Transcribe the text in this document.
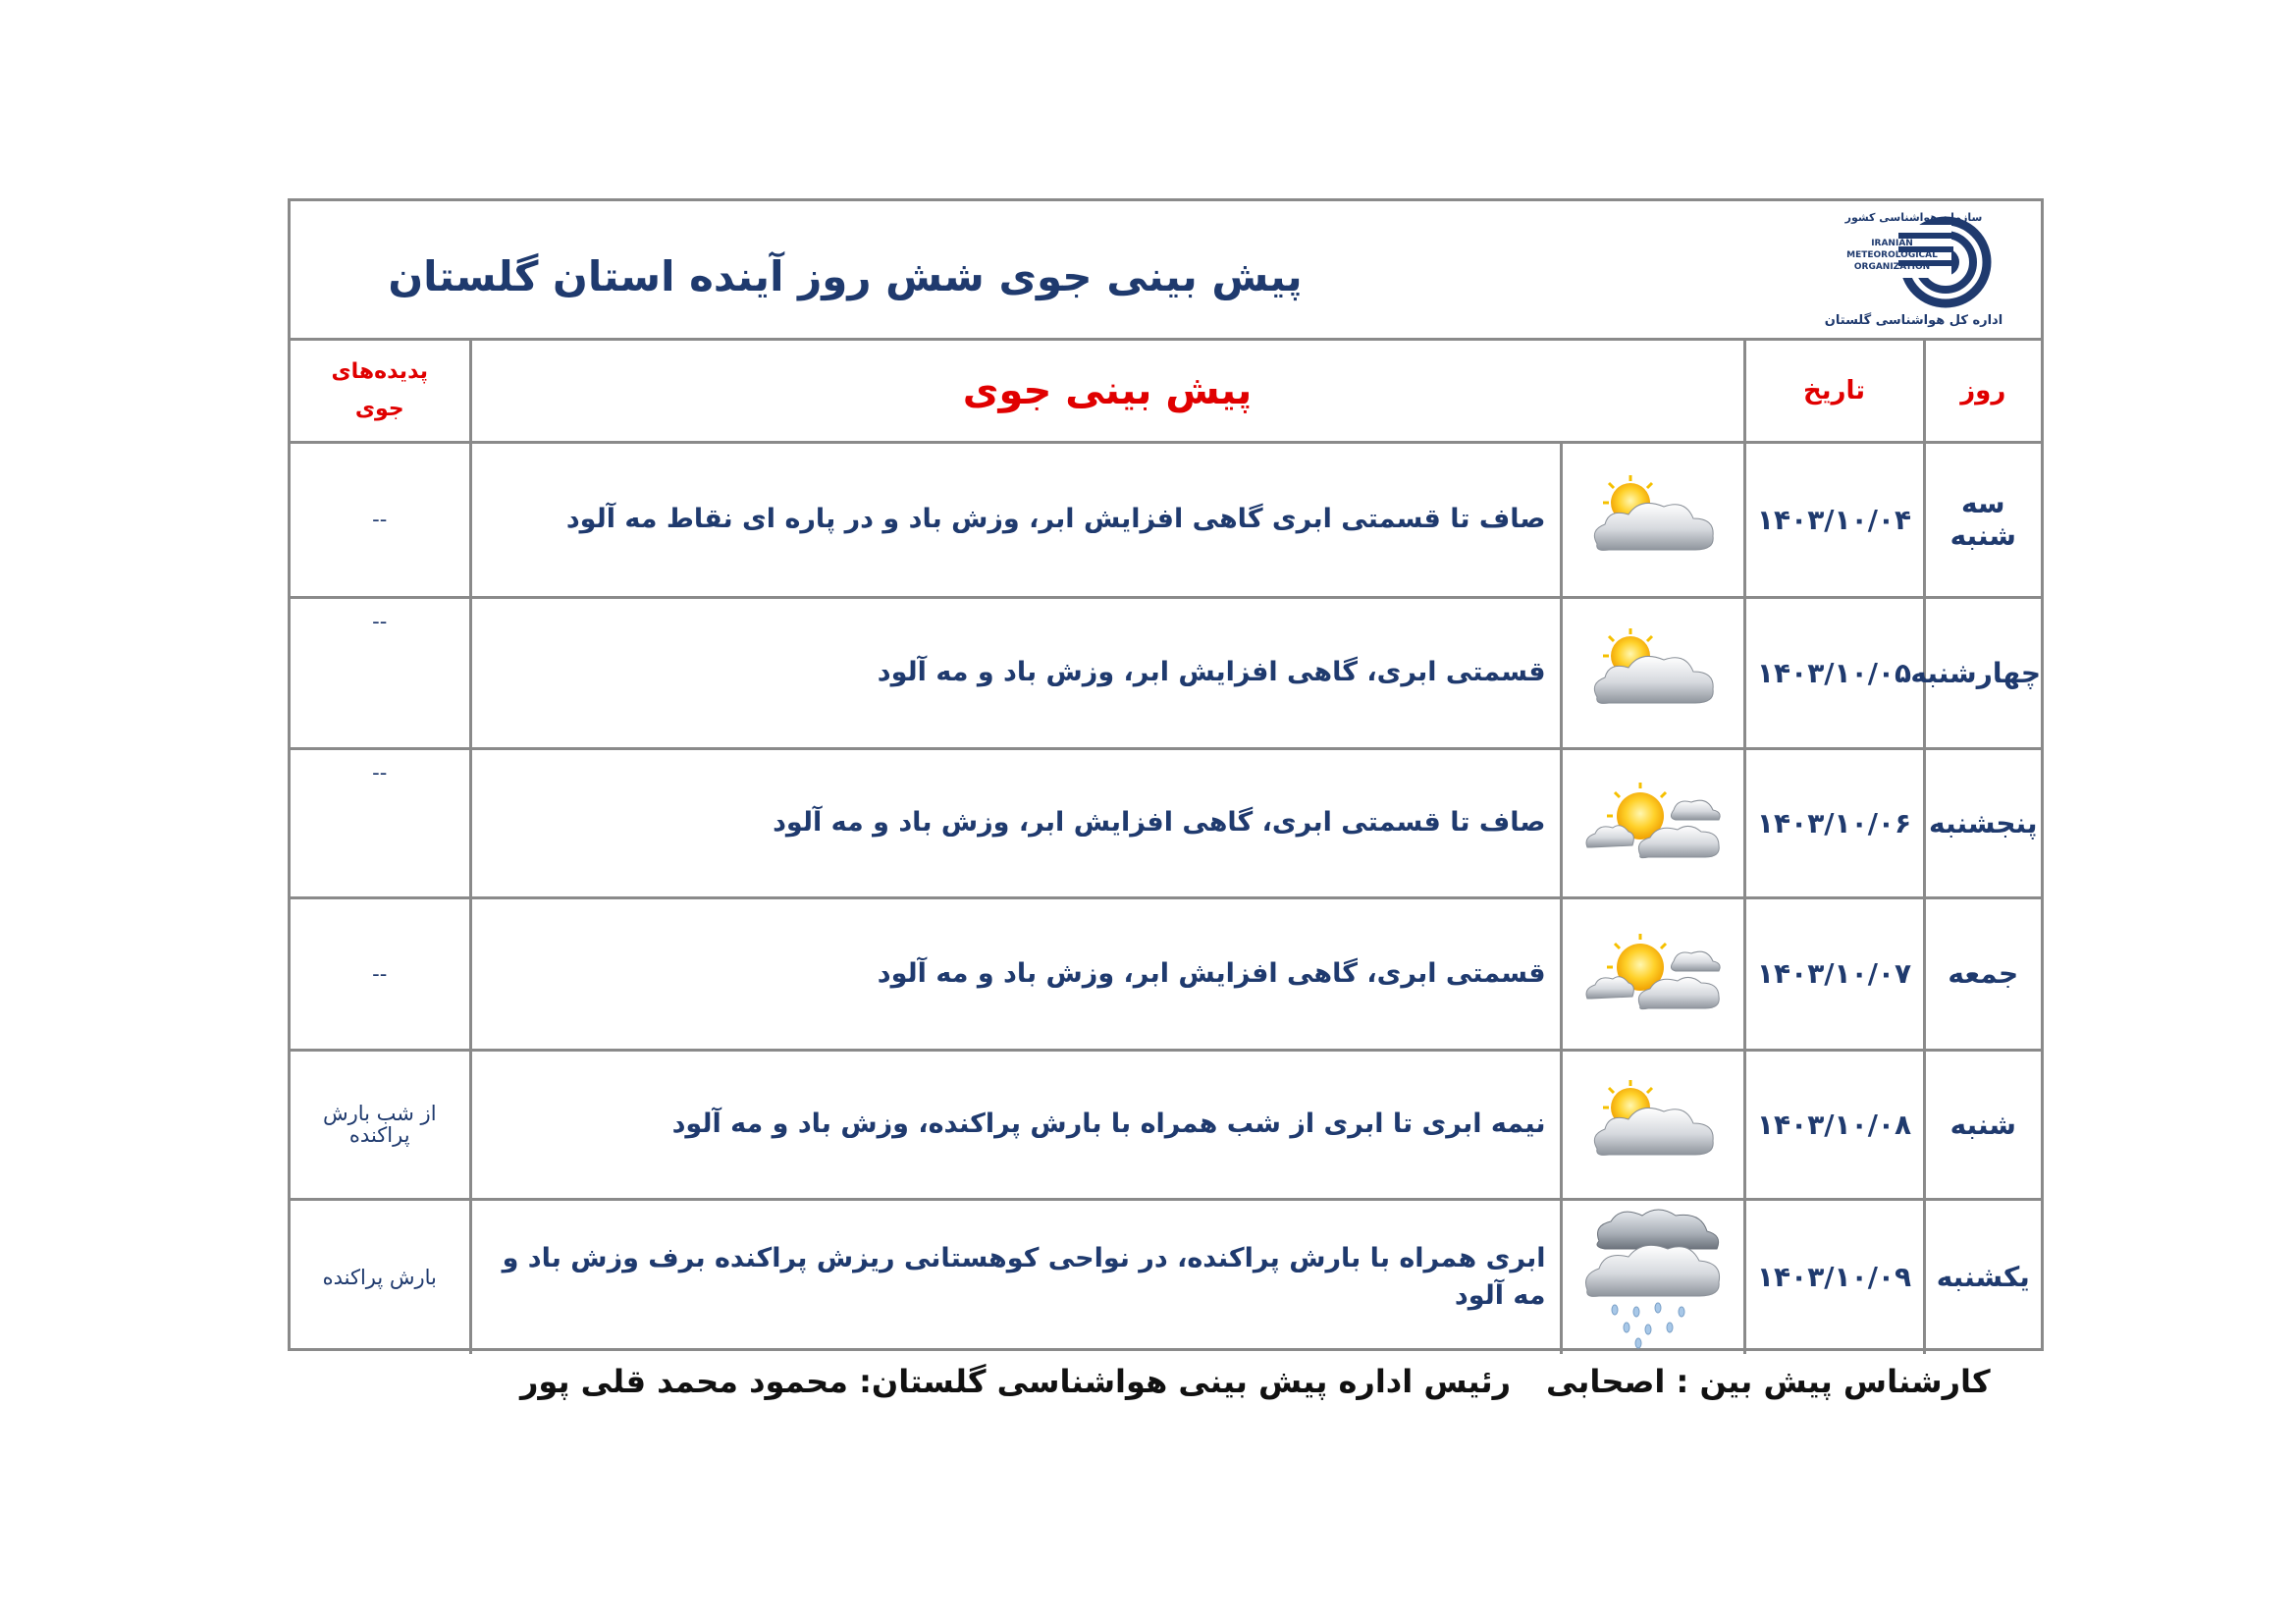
پیش بینی جوی شش روز آینده استان گلستان
سازمان هواشناسی کشور
IRANIAN
METEOROLOGICAL
ORGANIZATION
اداره کل هواشناسی گلستان
روز	تاریخ	پیش بینی جوی		پدیده‌های
جوی

سه شنبه	۱۴۰۳/۱۰/۰۴		صاف تا قسمتی ابری گاهی افزایش ابر، وزش باد و در پاره ای نقاط مه آلود	--
چهارشنبه	۱۴۰۳/۱۰/۰۵		قسمتی ابری، گاهی افزایش ابر، وزش باد و مه آلود	--
پنجشنبه	۱۴۰۳/۱۰/۰۶		صاف تا قسمتی ابری، گاهی افزایش ابر، وزش باد و مه آلود	--
جمعه	۱۴۰۳/۱۰/۰۷		قسمتی ابری، گاهی افزایش ابر، وزش باد و مه آلود	--
شنبه	۱۴۰۳/۱۰/۰۸		نیمه ابری تا ابری از شب همراه با بارش پراکنده، وزش باد و مه آلود	از شب بارش پراکنده
یکشنبه	۱۴۰۳/۱۰/۰۹		ابری همراه با بارش پراکنده، در نواحی کوهستانی ریزش پراکنده برف وزش باد و مه آلود	بارش پراکنده
کارشناس پیش بین : اصحابی
رئیس اداره پیش بینی هواشناسی گلستان: محمود محمد قلی پور
